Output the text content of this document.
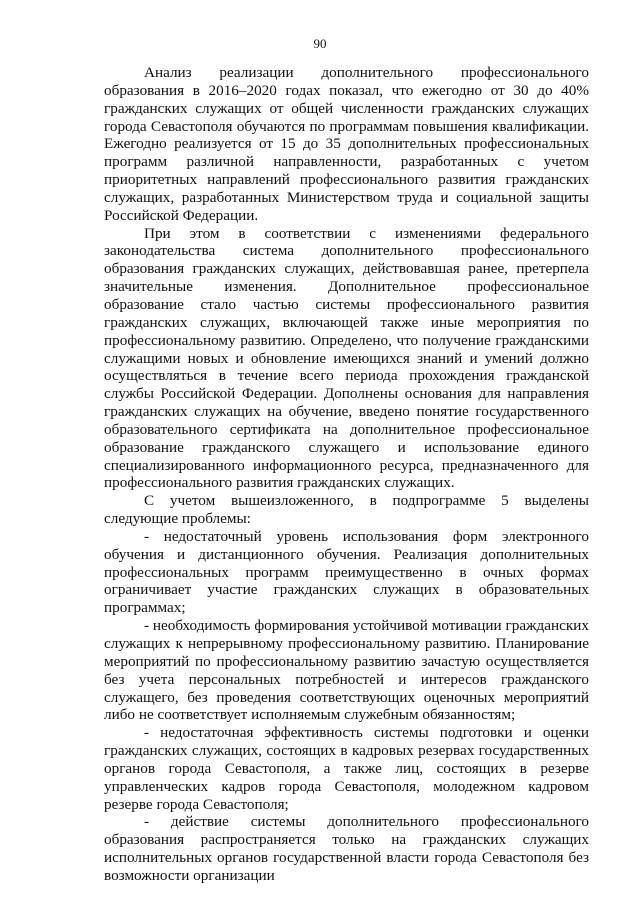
90

Анализ реализации дополнительного профессионального образования в 2016–2020 годах показал, что ежегодно от 30 до 40% гражданских служащих от общей численности гражданских служащих города Севастополя обучаются по программам повышения квалификации. Ежегодно реализуется от 15 до 35 дополнительных профессиональных программ различной направленности, разработанных с учетом приоритетных направлений профессионального развития гражданских служащих, разработанных Министерством труда и социальной защиты Российской Федерации.

При этом в соответствии с изменениями федерального законодательства система дополнительного профессионального образования гражданских служащих, действовавшая ранее, претерпела значительные изменения. Дополнительное профессиональное образование стало частью системы профессионального развития гражданских служащих, включающей также иные мероприятия по профессиональному развитию. Определено, что получение гражданскими служащими новых и обновление имеющихся знаний и умений должно осуществляться в течение всего периода прохождения гражданской службы Российской Федерации. Дополнены основания для направления гражданских служащих на обучение, введено понятие государственного образовательного сертификата на дополнительное профессиональное образование гражданского служащего и использование единого специализированного информационного ресурса, предназначенного для профессионального развития гражданских служащих.

С учетом вышеизложенного, в подпрограмме 5 выделены следующие проблемы:

- недостаточный уровень использования форм электронного обучения и дистанционного обучения. Реализация дополнительных профессиональных программ преимущественно в очных формах ограничивает участие гражданских служащих в образовательных программах;

- необходимость формирования устойчивой мотивации гражданских служащих к непрерывному профессиональному развитию. Планирование мероприятий по профессиональному развитию зачастую осуществляется без учета персональных потребностей и интересов гражданского служащего, без проведения соответствующих оценочных мероприятий либо не соответствует исполняемым служебным обязанностям;

- недостаточная эффективность системы подготовки и оценки гражданских служащих, состоящих в кадровых резервах государственных органов города Севастополя, а также лиц, состоящих в резерве управленческих кадров города Севастополя, молодежном кадровом резерве города Севастополя;

- действие системы дополнительного профессионального образования распространяется только на гражданских служащих исполнительных органов государственной власти города Севастополя без возможности организации
